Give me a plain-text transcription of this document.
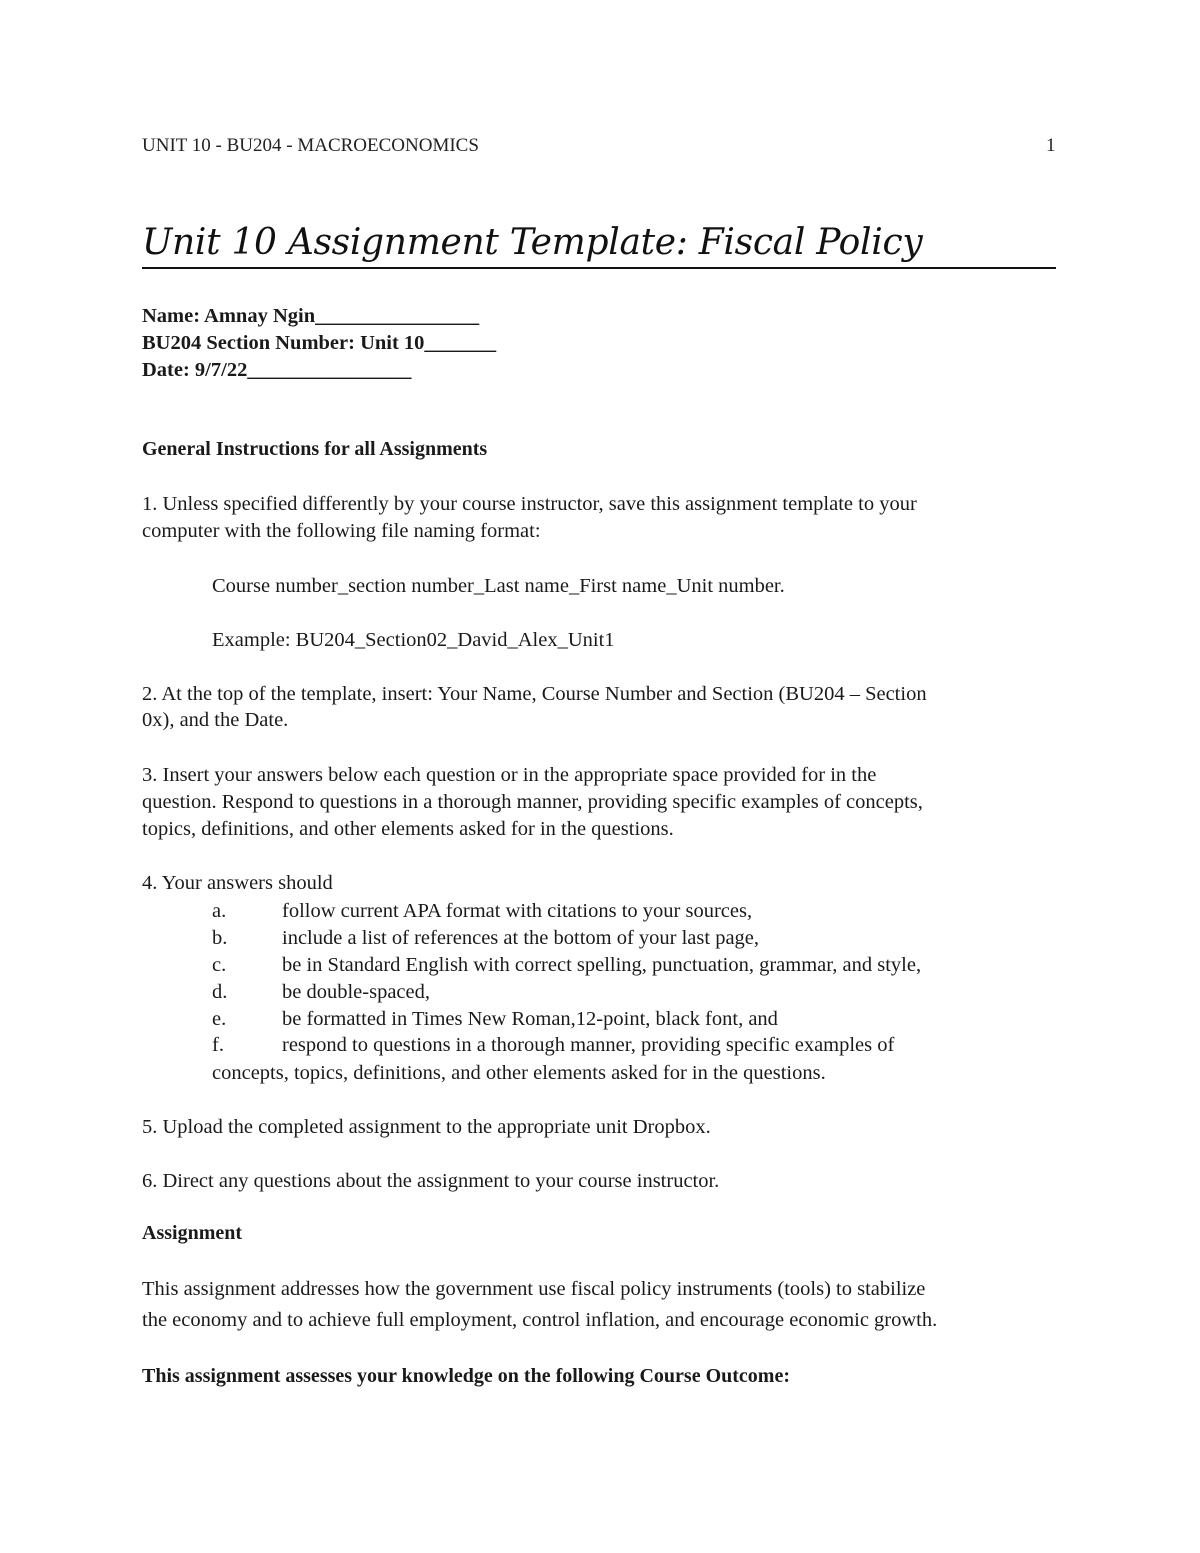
UNIT 10 - BU204 - MACROECONOMICS	1
Unit 10 Assignment Template: Fiscal Policy
Name: Amnay Ngin________________
BU204 Section Number: Unit 10_______
Date: 9/7/22________________
General Instructions for all Assignments
1. Unless specified differently by your course instructor, save this assignment template to your
computer with the following file naming format:
Course number_section number_Last name_First name_Unit number.
Example: BU204_Section02_David_Alex_Unit1
2. At the top of the template, insert: Your Name, Course Number and Section (BU204 – Section
0x), and the Date.
3. Insert your answers below each question or in the appropriate space provided for in the
question. Respond to questions in a thorough manner, providing specific examples of concepts,
topics, definitions, and other elements asked for in the questions.
4. Your answers should
a.	follow current APA format with citations to your sources,
b.	include a list of references at the bottom of your last page,
c.	be in Standard English with correct spelling, punctuation, grammar, and style,
d.	be double-spaced,
e.	be formatted in Times New Roman,12-point, black font, and
f.	respond to questions in a thorough manner, providing specific examples of
concepts, topics, definitions, and other elements asked for in the questions.
5. Upload the completed assignment to the appropriate unit Dropbox.
6. Direct any questions about the assignment to your course instructor.
Assignment
This assignment addresses how the government use fiscal policy instruments (tools) to stabilize
the economy and to achieve full employment, control inflation, and encourage economic growth.
This assignment assesses your knowledge on the following Course Outcome:
